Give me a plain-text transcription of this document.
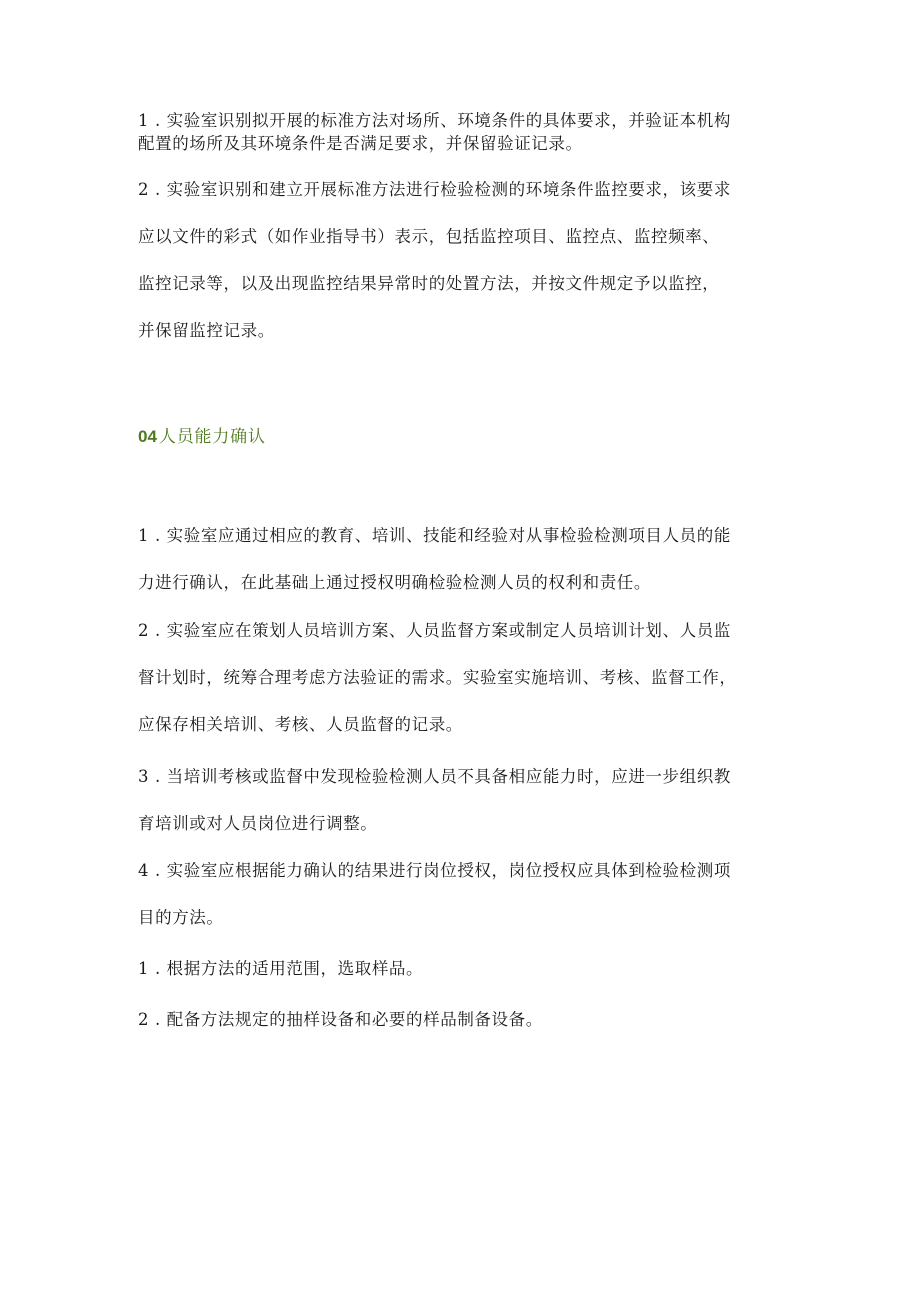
1 . 实验室识别拟开展的标准方法对场所、环境条件的具体要求，并验证本机构
配置的场所及其环境条件是否满足要求，并保留验证记录。
2 . 实验室识别和建立开展标准方法进行检验检测的环境条件监控要求，该要求
应以文件的彩式（如作业指导书）表示，包括监控项目、监控点、监控频率、
监控记录等，以及出现监控结果异常时的处置方法，并按文件规定予以监控，
并保留监控记录。
04 人员能力确认
1 . 实验室应通过相应的教育、培训、技能和经验对从事检验检测项目人员的能
力进行确认，在此基础上通过授权明确检验检测人员的权利和责任。
2 . 实验室应在策划人员培训方案、人员监督方案或制定人员培训计划、人员监
督计划时，统筹合理考虑方法验证的需求。实验室实施培训、考核、监督工作，
应保存相关培训、考核、人员监督的记录。
3 . 当培训考核或监督中发现检验检测人员不具备相应能力时，应进一步组织教
育培训或对人员岗位进行调整。
4 . 实验室应根据能力确认的结果进行岗位授权，岗位授权应具体到检验检测项
目的方法。
1 . 根据方法的适用范围，选取样品。
2 . 配备方法规定的抽样设备和必要的样品制备设备。
